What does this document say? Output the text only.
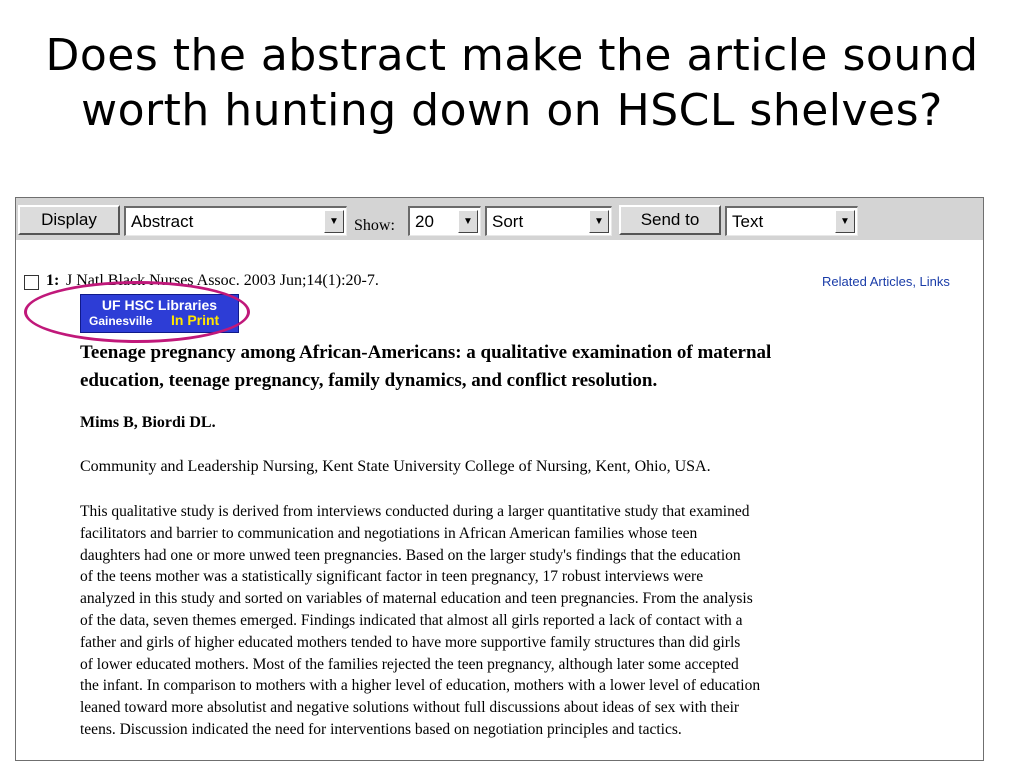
Does the abstract make the article sound
worth hunting down on HSCL shelves?
Display	Abstract	▼ Show: 20	▼ Sort	▼	Send to	Text	▼
1: J Natl Black Nurses Assoc. 2003 Jun;14(1):20-7.	Related Articles, Links
UF HSC Libraries
Gainesville In Print
Teenage pregnancy among African-Americans: a qualitative examination of maternal
education, teenage pregnancy, family dynamics, and conflict resolution.
Mims B, Biordi DL.
Community and Leadership Nursing, Kent State University College of Nursing, Kent, Ohio, USA.
This qualitative study is derived from interviews conducted during a larger quantitative study that examined
facilitators and barrier to communication and negotiations in African American families whose teen
daughters had one or more unwed teen pregnancies. Based on the larger study's findings that the education
of the teens mother was a statistically significant factor in teen pregnancy, 17 robust interviews were
analyzed in this study and sorted on variables of maternal education and teen pregnancies. From the analysis
of the data, seven themes emerged. Findings indicated that almost all girls reported a lack of contact with a
father and girls of higher educated mothers tended to have more supportive family structures than did girls
of lower educated mothers. Most of the families rejected the teen pregnancy, although later some accepted
the infant. In comparison to mothers with a higher level of education, mothers with a lower level of education
leaned toward more absolutist and negative solutions without full discussions about ideas of sex with their
teens. Discussion indicated the need for interventions based on negotiation principles and tactics.
